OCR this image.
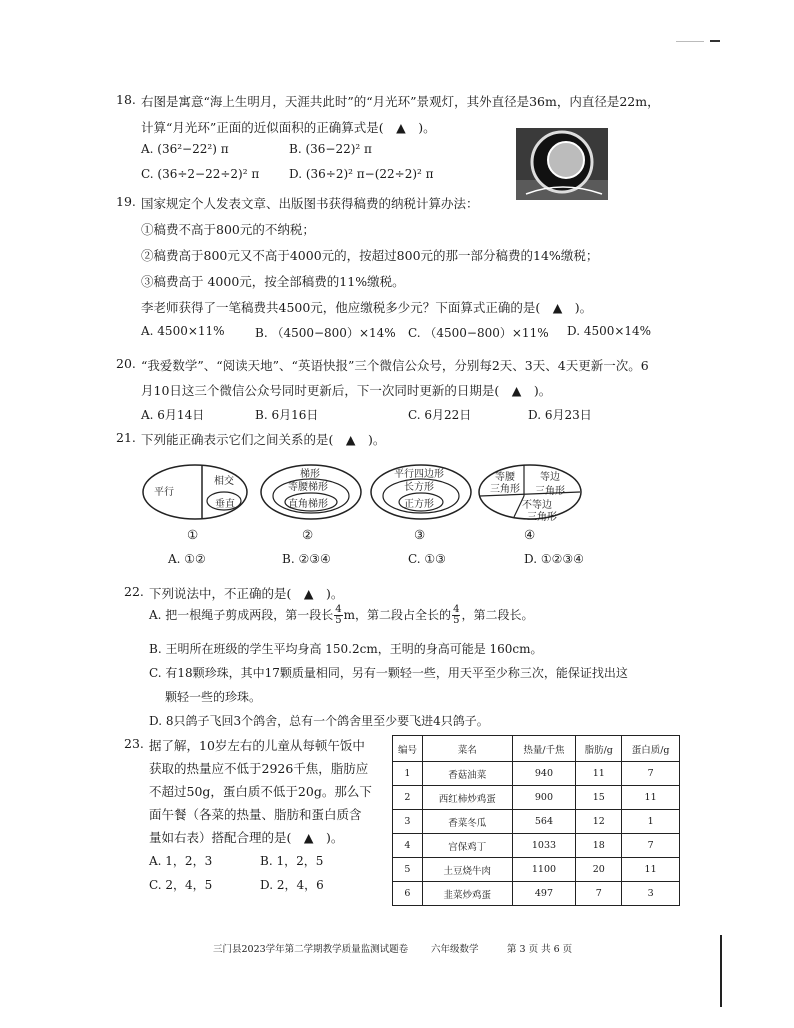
18. 右图是寓意“海上生明月，天涯共此时”的“月光环”景观灯，其外直径是36m，内直径是22m，
计算“月光环”正面的近似面积的正确算式是(　▲　)。
A. (36²−22²) π	B. (36−22)² π
C. (36÷2−22÷2)² π D. (36÷2)² π−(22÷2)² π
19. 国家规定个人发表文章、出版图书获得稿费的纳税计算办法：
①稿费不高于800元的不纳税；
②稿费高于800元又不高于4000元的，按超过800元的那一部分稿费的14%缴税；
③稿费高于 4000元，按全部稿费的11%缴税。
李老师获得了一笔稿费共4500元，他应缴税多少元？下面算式正确的是(　▲　)。
A. 4500×11%	B. （4500−800）×14% C. （4500−800）×11% D. 4500×14%
20. “我爱数学”、“阅读天地”、“英语快报”三个微信公众号，分别每2天、3天、4天更新一次。6
月10日这三个微信公众号同时更新后，下一次同时更新的日期是(　▲　)。
A. 6月14日	B. 6月16日	C. 6月22日	D. 6月23日
21. 下列能正确表示它们之间关系的是(　▲　)。
平行
相交
垂直
①
梯形
等腰梯形
直角梯形
②
平行四边形
长方形
正方形
③
等腰
三角形
等边
三角形
不等边
三角形
④
A. ①②	B. ②③④	C. ①③	D. ①②③④
22. 下列说法中，不正确的是(　▲　)。
A. 把一根绳子剪成两段，第一段长 $\frac{4}{5}$ m，第二段占全长的 $\frac{4}{5}$ ，第二段长。
B. 王明所在班级的学生平均身高 150.2cm，王明的身高可能是 160cm。
C. 有18颗珍珠，其中17颗质量相同，另有一颗轻一些，用天平至少称三次，能保证找出这
颗轻一些的珍珠。
D. 8只鸽子飞回3个鸽舍，总有一个鸽舍里至少要飞进4只鸽子。
23. 据了解，10岁左右的儿童从每顿午饭中
获取的热量应不低于2926千焦，脂肪应
不超过50g，蛋白质不低于20g。那么下
面午餐（各菜的热量、脂肪和蛋白质含
量如右表）搭配合理的是(　▲　)。
A. 1，2，3	B. 1，2，5
C. 2，4，5	D. 2，4，6
编号	菜名	热量/千焦	脂肪/g	蛋白质/g
1	香菇油菜	940	11	7
2	西红柿炒鸡蛋	900	15	11
3	香菜冬瓜	564	12	1
4	宫保鸡丁	1033	18	7
5	土豆烧牛肉	1100	20	11
6	韭菜炒鸡蛋	497	7	3
三门县2023学年第二学期教学质量监测试题卷 六年级数学	第 3 页 共 6 页
